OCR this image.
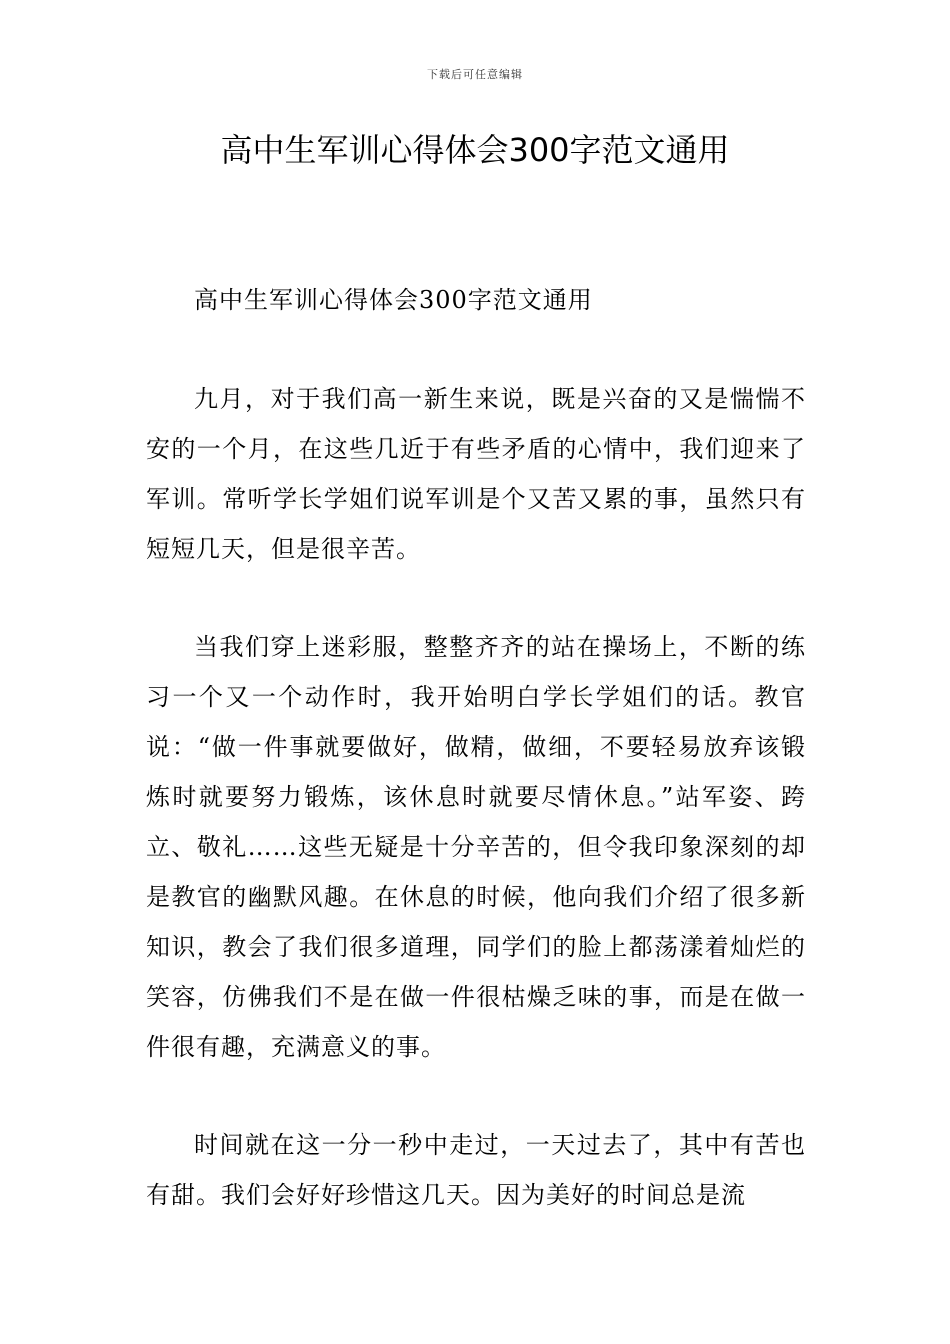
下载后可任意编辑
高中生军训心得体会300字范文通用

高中生军训心得体会300字范文通用

九月，对于我们高一新生来说，既是兴奋的又是惴惴不安的一个月，在这些几近于有些矛盾的心情中，我们迎来了军训。常听学长学姐们说军训是个又苦又累的事，虽然只有短短几天，但是很辛苦。

当我们穿上迷彩服，整整齐齐的站在操场上，不断的练习一个又一个动作时，我开始明白学长学姐们的话。教官说：“做一件事就要做好，做精，做细，不要轻易放弃该锻炼时就要努力锻炼，该休息时就要尽情休息。”站军姿、跨立、敬礼……这些无疑是十分辛苦的，但令我印象深刻的却是教官的幽默风趣。在休息的时候，他向我们介绍了很多新知识，教会了我们很多道理，同学们的脸上都荡漾着灿烂的笑容，仿佛我们不是在做一件很枯燥乏味的事，而是在做一件很有趣，充满意义的事。

时间就在这一分一秒中走过，一天过去了，其中有苦也有甜。我们会好好珍惜这几天。因为美好的时间总是流
